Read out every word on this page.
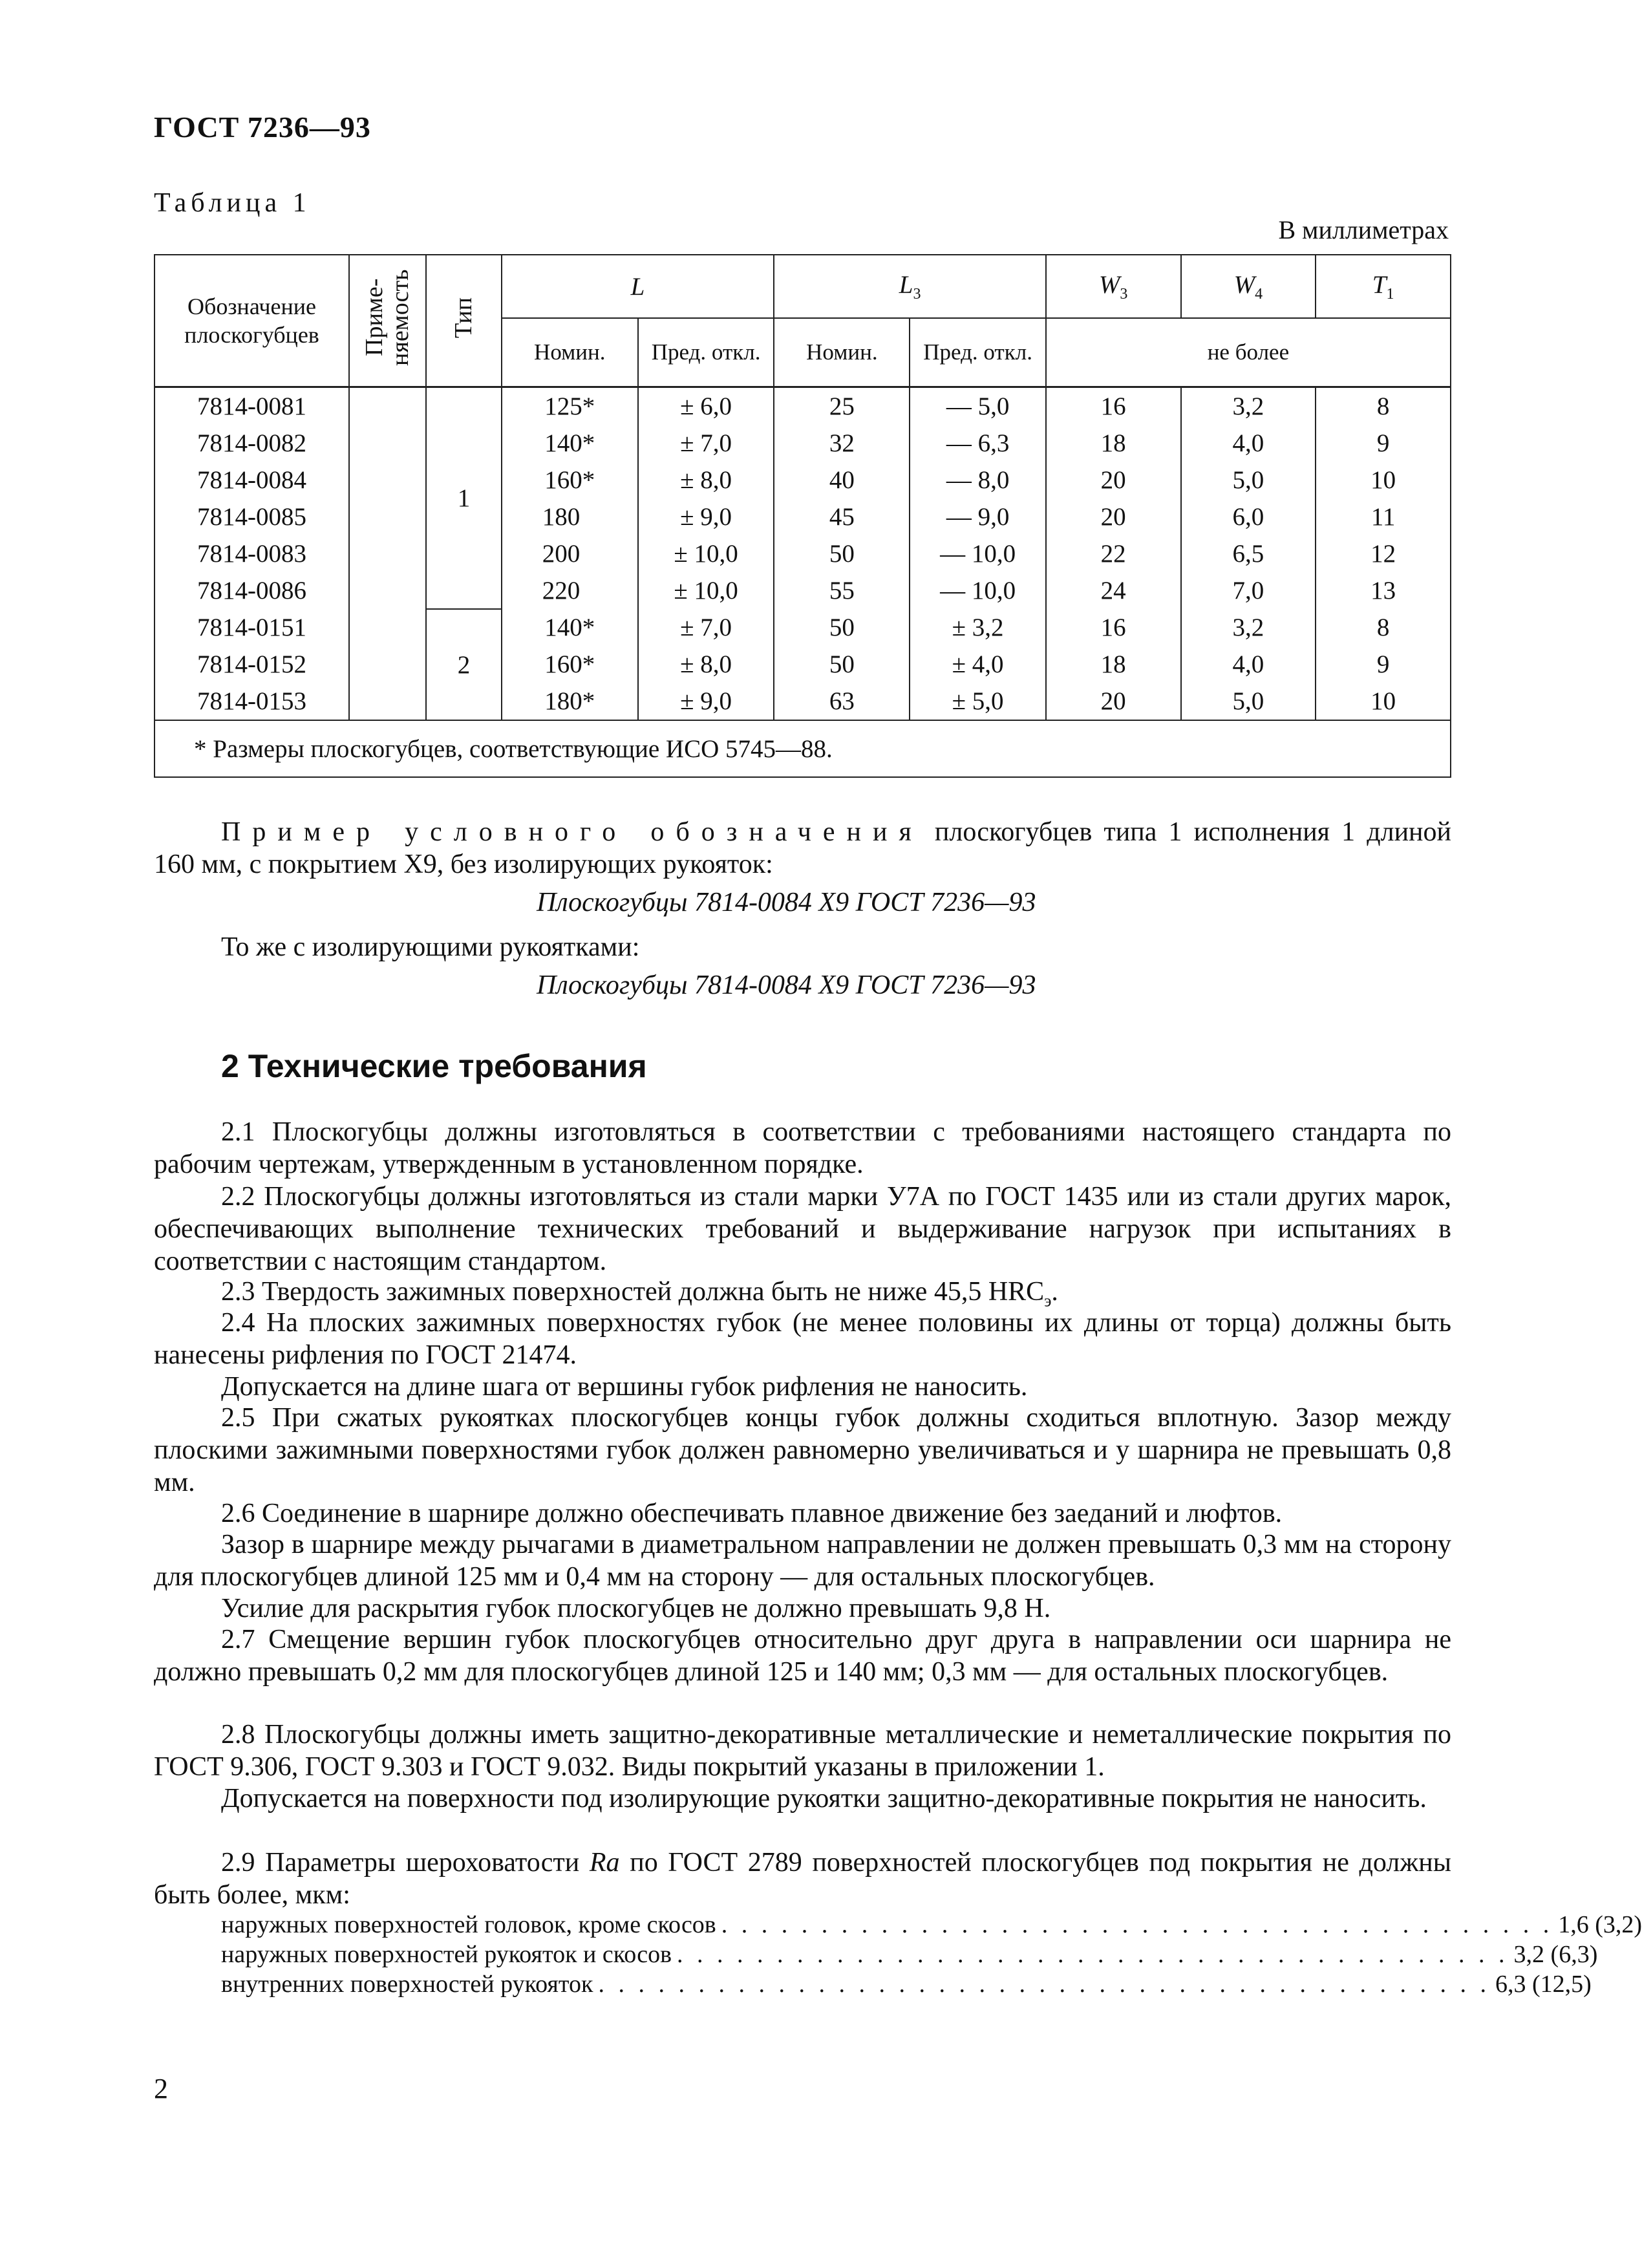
ГОСТ 7236—93
Таблица 1
В миллиметрах
Обозначение плоскогубцев	Приме-няемость	Тип	L		$L_3$		$W_3$	$W_4$	$T_1$
			Номин.	Пред. откл.	Номин.	Пред. откл.	не более		
7814-0081		1	125*	± 6,0	25	— 5,0	16	3,2	8
7814-0082			140*	± 7,0	32	— 6,3	18	4,0	9
7814-0084			160*	± 8,0	40	— 8,0	20	5,0	10
7814-0085			180	± 9,0	45	— 9,0	20	6,0	11
7814-0083			200	± 10,0	50	— 10,0	22	6,5	12
7814-0086			220	± 10,0	55	— 10,0	24	7,0	13
7814-0151		2	140*	± 7,0	50	± 3,2	16	3,2	8
7814-0152			160*	± 8,0	50	± 4,0	18	4,0	9
7814-0153			180*	± 9,0	63	± 5,0	20	5,0	10
* Размеры плоскогубцев, соответствующие ИСО 5745—88.									
Пример условного обозначения плоскогубцев типа 1 исполнения 1 длиной 160 мм, с покрытием Х9, без изолирующих рукояток:
Плоскогубцы 7814-0084 Х9 ГОСТ 7236—93
То же с изолирующими рукоятками:
Плоскогубцы 7814-0084 Х9 ГОСТ 7236—93
2 Технические требования
2.1 Плоскогубцы должны изготовляться в соответствии с требованиями настоящего стандарта по рабочим чертежам, утвержденным в установленном порядке.
2.2 Плоскогубцы должны изготовляться из стали марки У7А по ГОСТ 1435 или из стали других марок, обеспечивающих выполнение технических требований и выдерживание нагрузок при испытаниях в соответствии с настоящим стандартом.
2.3 Твердость зажимных поверхностей должна быть не ниже 45,5 $HRC_э$.
2.4 На плоских зажимных поверхностях губок (не менее половины их длины от торца) должны быть нанесены рифления по ГОСТ 21474.
Допускается на длине шага от вершины губок рифления не наносить.
2.5 При сжатых рукоятках плоскогубцев концы губок должны сходиться вплотную. Зазор между плоскими зажимными поверхностями губок должен равномерно увеличиваться и у шарнира не превышать 0,8 мм.
2.6 Соединение в шарнире должно обеспечивать плавное движение без заеданий и люфтов.
Зазор в шарнире между рычагами в диаметральном направлении не должен превышать 0,3 мм на сторону для плоскогубцев длиной 125 мм и 0,4 мм на сторону — для остальных плоскогубцев.
Усилие для раскрытия губок плоскогубцев не должно превышать 9,8 Н.
2.7 Смещение вершин губок плоскогубцев относительно друг друга в направлении оси шарнира не должно превышать 0,2 мм для плоскогубцев длиной 125 и 140 мм; 0,3 мм — для остальных плоскогубцев.
2.8 Плоскогубцы должны иметь защитно-декоративные металлические и неметаллические покрытия по ГОСТ 9.306, ГОСТ 9.303 и ГОСТ 9.032. Виды покрытий указаны в приложении 1.
Допускается на поверхности под изолирующие рукоятки защитно-декоративные покрытия не наносить.
2.9 Параметры шероховатости Ra по ГОСТ 2789 поверхностей плоскогубцев под покрытия не должны быть более, мкм:
наружных поверхностей головок, кроме скосов . . . . . . . . . . . . . . . . . . . . . . . . . . . . . . . . . . . . . . . . . . 1,6 (3,2)
наружных поверхностей рукояток и скосов . . . . . . . . . . . . . . . . . . . . . . . . . . . . . . . . . . . . . . . . . . 3,2 (6,3)
внутренних поверхностей рукояток . . . . . . . . . . . . . . . . . . . . . . . . . . . . . . . . . . . . . . . . . . . . . 6,3 (12,5)
2
